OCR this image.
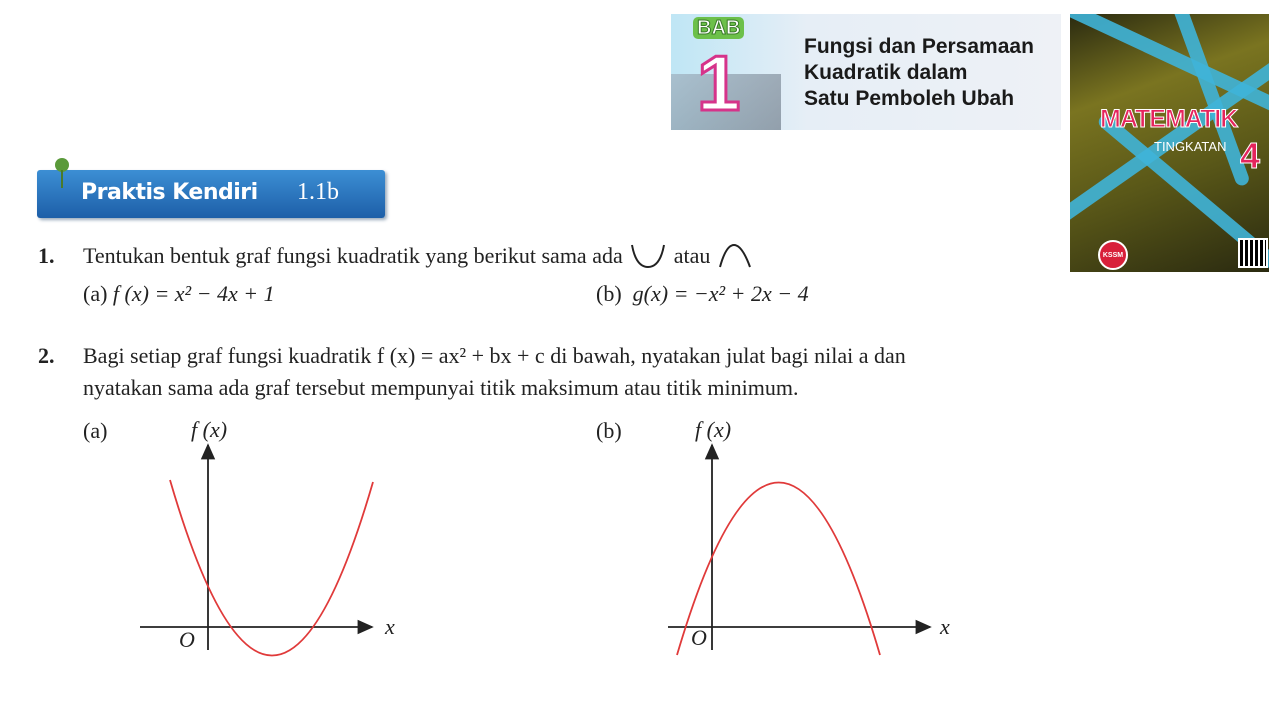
BAB
1	Fungsi dan Persamaan
Kuadratik dalam
Satu Pemboleh Ubah
MATEMATIK
TINGKATAN 4
KSSM
Praktis Kendiri 1.1b
1. Tentukan bentuk graf fungsi kuadratik yang berikut sama ada atau
(a) f (x) = x² − 4x + 1	(b) g(x) = −x² + 2x − 4
2. Bagi setiap graf fungsi kuadratik f (x) = ax² + bx + c di bawah, nyatakan julat bagi nilai a dan
nyatakan sama ada graf tersebut mempunyai titik maksimum atau titik minimum.
(a)	(b)
f (x)
x
O
f (x)
x
O
